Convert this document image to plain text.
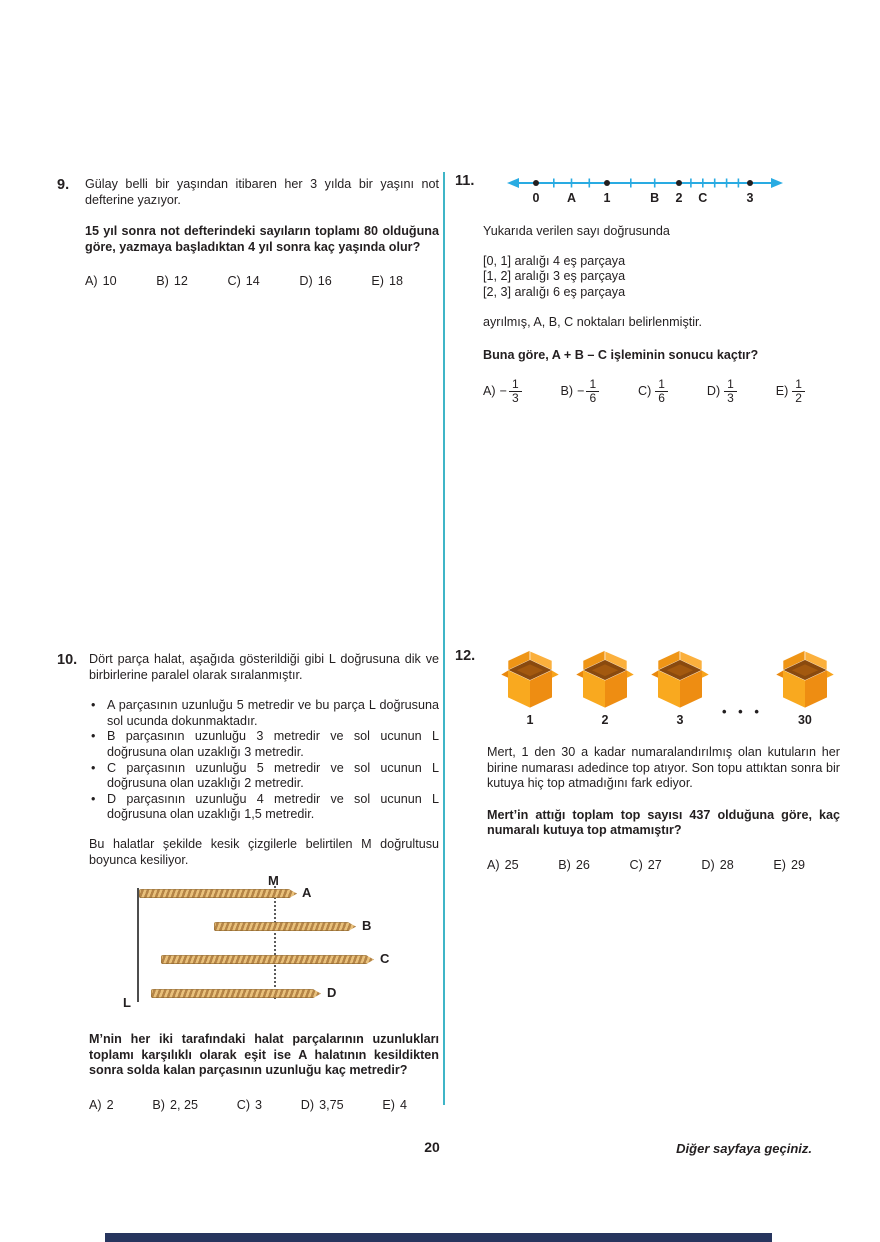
9.	Gülay belli bir yaşından itibaren her 3 yılda bir yaşını not defterine yazıyor.

15 yıl sonra not defterindeki sayıların toplamı 80 olduğuna göre, yazmaya başladıktan 4 yıl sonra kaç yaşında olur?

A) 10	B) 12	C) 14	D) 16	E) 18
11.
0 A 1	B 2 C	3

Yukarıda verilen sayı doğrusunda

[0, 1] aralığı 4 eş parçaya

[1, 2] aralığı 3 eş parçaya

[2, 3] aralığı 6 eş parçaya

ayrılmış, A, B, C noktaları belirlenmiştir.

Buna göre, A + B – C işleminin sonucu kaçtır?

$A) - \frac{1}{3}$	$B) - \frac{1}{6}$	$C) \frac{1}{6}$	$D) \frac{1}{3}$	$E) \frac{1}{2}$
10. Dört parça halat, aşağıda gösterildiği gibi L doğrusuna dik ve birbirlerine paralel olarak sıralanmıştır.

• A parçasının uzunluğu 5 metredir ve bu parça L doğrusuna sol ucunda dokunmaktadır.
• B parçasının uzunluğu 3 metredir ve sol ucunun L doğrusuna olan uzaklığı 3 metredir.
• C parçasının uzunluğu 5 metredir ve sol ucunun L doğrusuna olan uzaklığı 2 metredir.
• D parçasının uzunluğu 4 metredir ve sol ucunun L doğrusuna olan uzaklığı 1,5 metredir.

Bu halatlar şekilde kesik çizgilerle belirtilen M doğrultusu boyunca kesiliyor.

M
A
B
C
D
L

M’nin her iki tarafındaki halat parçalarının uzunlukları toplamı karşılıklı olarak eşit ise A halatının kesildikten sonra solda kalan parçasının uzunluğu kaç metredir?

A) 2	B) 2, 25	C) 3	D) 3,75	E) 4
12.
1	2	3
• • •
30

Mert, 1 den 30 a kadar numaralandırılmış olan kutuların her birine numarası adedince top atıyor. Son topu attıktan sonra bir kutuya hiç top atmadığını fark ediyor.

Mert’in attığı toplam top sayısı 437 olduğuna göre, kaç numaralı kutuya top atmamıştır?

A) 25	B) 26	C) 27	D) 28	E) 29
20	Diğer sayfaya geçiniz.
